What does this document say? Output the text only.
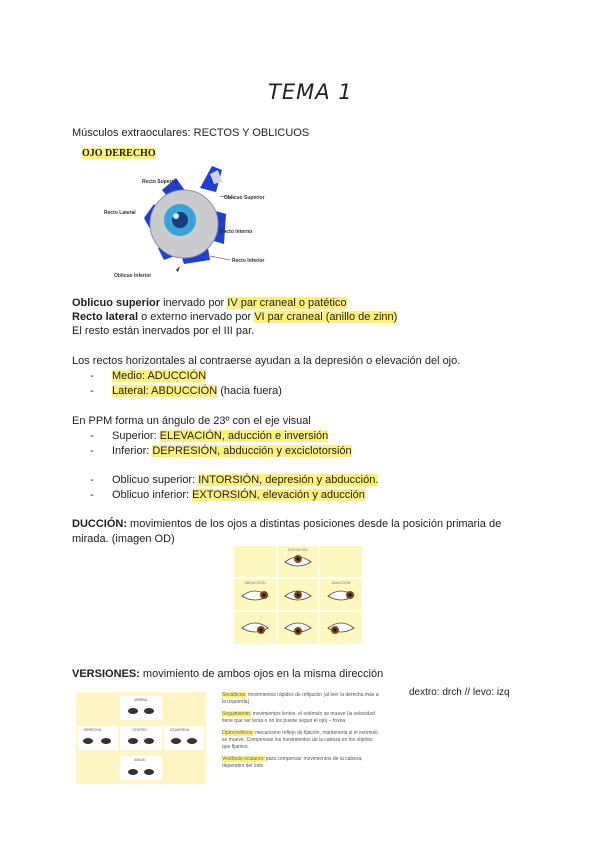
TEMA 1
Músculos extraoculares: RECTOS Y OBLICUOS
OJO DERECHO
Recto Superior
Oblicuo Superior
Recto Lateral
Recto interno
Recto Inferior
Oblicuo Inferior
Oblicuo superior inervado por IV par craneal o patético
Recto lateral o externo inervado por VI par craneal (anillo de zinn)
El resto están inervados por el III par.
Los rectos horizontales al contraerse ayudan a la depresión o elevación del ojo.
- Medio: ADUCCIÓN
- Lateral: ABDUCCIÓN (hacia fuera)
En PPM forma un ángulo de 23º con el eje visual
- Superior: ELEVACIÓN, aducción e inversión
- Inferior: DEPRESIÓN, abducción y exciclotorsión
- Oblicuo superior: INTORSIÓN, depresión y abducción.
- Oblicuo inferior: EXTORSIÓN, elevación y aducción
DUCCIÓN: movimientos de los ojos a distintas posiciones desde la posición primaria de
mirada. (imagen OD)
ELEVACIÓN
ABDUCCIÓN	ADUCCIÓN
VERSIONES: movimiento de ambos ojos en la misma dirección
dextro: drch // levo: izq
ARRIBA
DERECHA	CENTRO	IZQUIERDA
ABAJO

Secádicos: movimientos rápidos de refijación (al leer la derecha más a la izquierda)

Seguimiento: movimientos lentos, el estímulo se mueve (la velocidad tiene que ser lenta o no los puede seguir el ojo) – fovea

Optocinéticos: mecanismo reflejo de fijación, mantenerla si el estímulo se mueve. Compensan los movimientos de la cabeza en los objetos que fijamos.

Vestíbulo-oculares: para compensar movimientos de la cabeza, dependen del oído
